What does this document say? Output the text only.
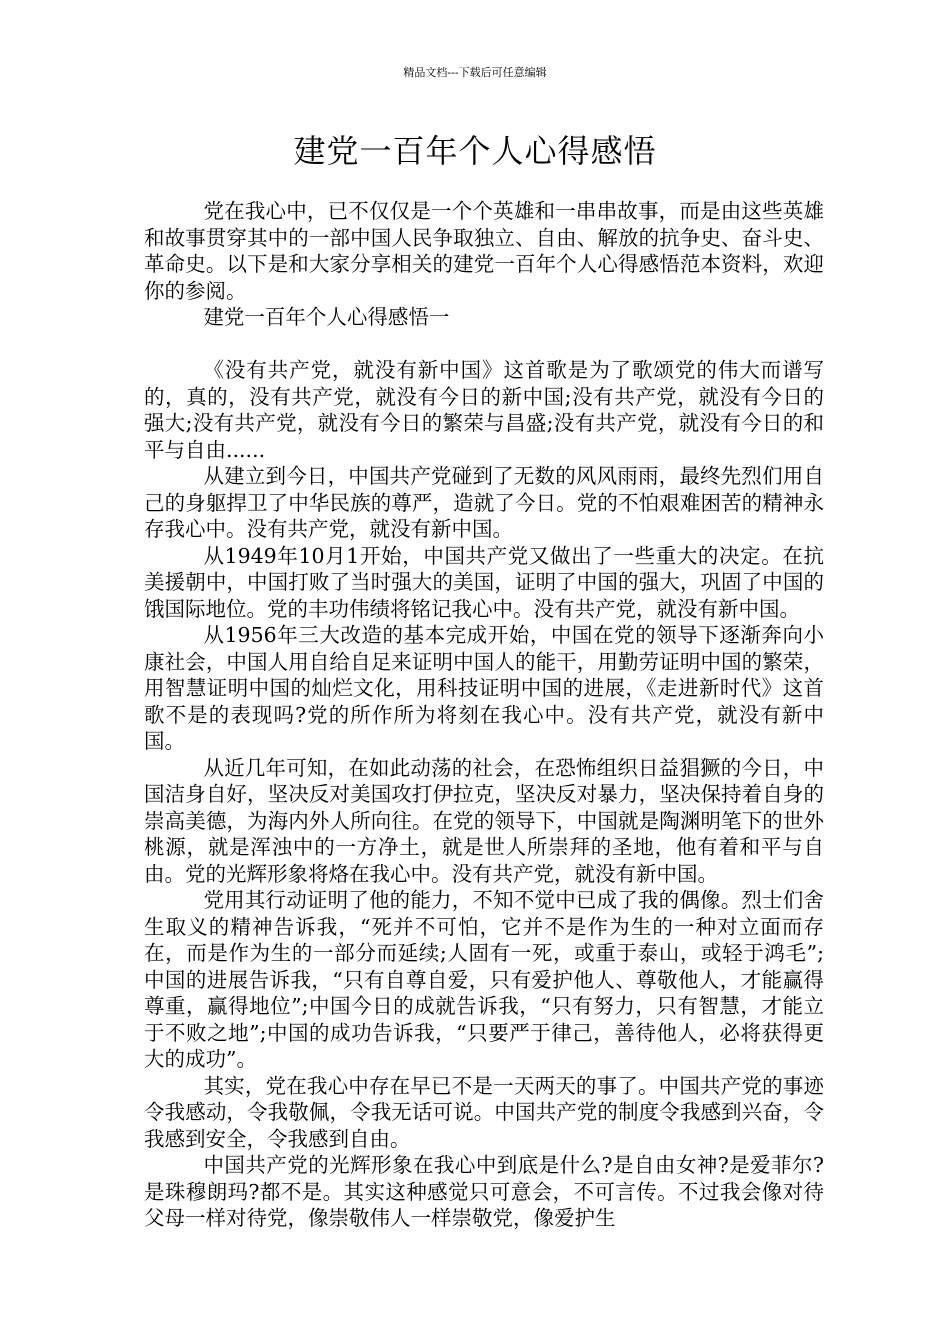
精品文档---下载后可任意编辑
建党一百年个人心得感悟

党在我心中，已不仅仅是一个个英雄和一串串故事，而是由这些英雄和故事贯穿其中的一部中国人民争取独立、自由、解放的抗争史、奋斗史、革命史。以下是和大家分享相关的建党一百年个人心得感悟范本资料，欢迎你的参阅。

建党一百年个人心得感悟一

《没有共产党，就没有新中国》这首歌是为了歌颂党的伟大而谱写的，真的，没有共产党，就没有今日的新中国;没有共产党，就没有今日的强大;没有共产党，就没有今日的繁荣与昌盛;没有共产党，就没有今日的和平与自由......

从建立到今日，中国共产党碰到了无数的风风雨雨，最终先烈们用自己的身躯捍卫了中华民族的尊严，造就了今日。党的不怕艰难困苦的精神永存我心中。没有共产党，就没有新中国。

从1949年10月1开始，中国共产党又做出了一些重大的决定。在抗美援朝中，中国打败了当时强大的美国，证明了中国的强大，巩固了中国的饿国际地位。党的丰功伟绩将铭记我心中。没有共产党，就没有新中国。

从1956年三大改造的基本完成开始，中国在党的领导下逐渐奔向小康社会，中国人用自给自足来证明中国人的能干，用勤劳证明中国的繁荣，用智慧证明中国的灿烂文化，用科技证明中国的进展，《走进新时代》这首歌不是的表现吗?党的所作所为将刻在我心中。没有共产党，就没有新中国。

从近几年可知，在如此动荡的社会，在恐怖组织日益猖獗的今日，中国洁身自好，坚决反对美国攻打伊拉克，坚决反对暴力，坚决保持着自身的崇高美德，为海内外人所向往。在党的领导下，中国就是陶渊明笔下的世外桃源，就是浑浊中的一方净土，就是世人所崇拜的圣地，他有着和平与自由。党的光辉形象将烙在我心中。没有共产党，就没有新中国。

党用其行动证明了他的能力，不知不觉中已成了我的偶像。烈士们舍生取义的精神告诉我，“死并不可怕，它并不是作为生的一种对立面而存在，而是作为生的一部分而延续;人固有一死，或重于泰山，或轻于鸿毛”;中国的进展告诉我，“只有自尊自爱，只有爱护他人、尊敬他人，才能赢得尊重，赢得地位”;中国今日的成就告诉我，“只有努力，只有智慧，才能立于不败之地”;中国的成功告诉我，“只要严于律己，善待他人，必将获得更大的成功”。

其实，党在我心中存在早已不是一天两天的事了。中国共产党的事迹令我感动，令我敬佩，令我无话可说。中国共产党的制度令我感到兴奋，令我感到安全，令我感到自由。

中国共产党的光辉形象在我心中到底是什么?是自由女神?是爱菲尔?是珠穆朗玛?都不是。其实这种感觉只可意会，不可言传。不过我会像对待父母一样对待党，像崇敬伟人一样崇敬党，像爱护生
